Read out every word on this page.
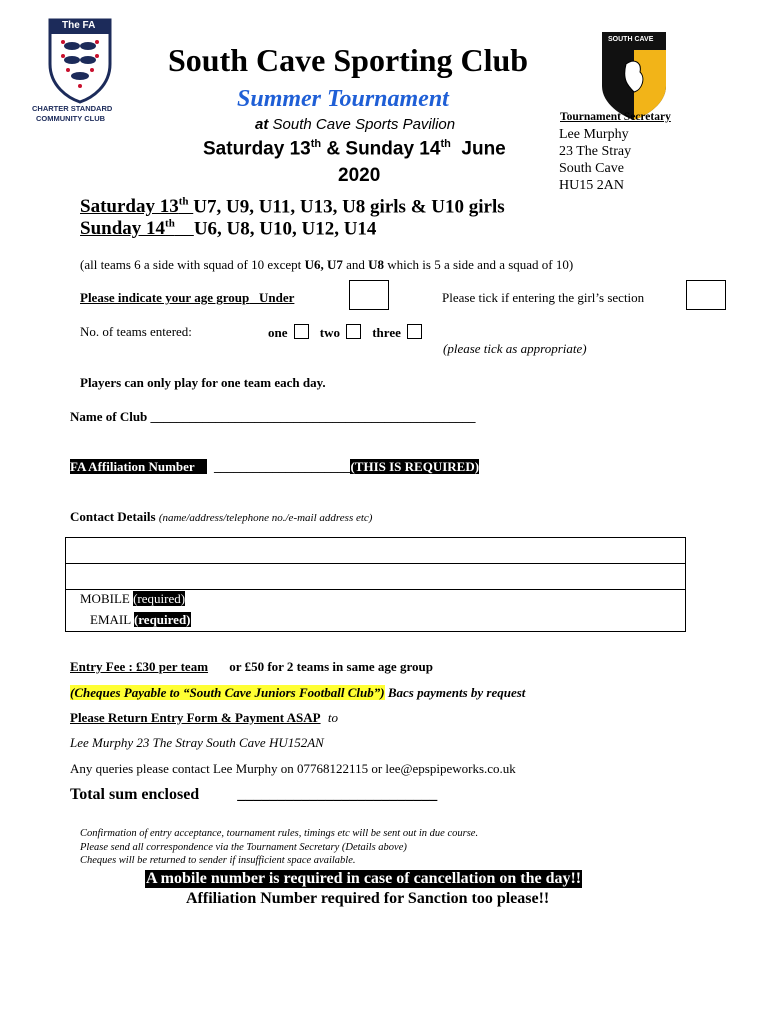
The FA
CHARTER STANDARD
COMMUNITY CLUB
SOUTH CAVE
South Cave Sporting Club
Summer Tournament
at South Cave Sports Pavilion
Saturday 13th & Sunday 14th  June
2020
Tournament Secretary
Lee Murphy
23 The Stray
South Cave
HU15 2AN
Saturday 13th U7, U9, U11, U13, U8 girls & U10 girls
Sunday 14th U6, U8, U10, U12, U14
(all teams 6 a side with squad of 10 except U6, U7 and U8 which is 5 a side and a squad of 10)
Please indicate your age group Under	Please tick if entering the girl’s section
No. of teams entered:	one two three
(please tick as appropriate)
Players can only play for one team each day.
Name of Club __________________________________________________
FA Affiliation Number _____________________(THIS IS REQUIRED)
Contact Details (name/address/telephone no./e-mail address etc)
MOBILE (required)
EMAIL (required)
Entry Fee : £30 per team or £50 for 2 teams in same age group
(Cheques Payable to “South Cave Juniors Football Club”) Bacs payments by request
Please Return Entry Form & Payment ASAP to
Lee Murphy 23 The Stray South Cave HU152AN
Any queries please contact Lee Murphy on 07768122115 or lee@epspipeworks.co.uk
Total sum enclosed _________________________
Confirmation of entry acceptance, tournament rules, timings etc will be sent out in due course.
Please send all correspondence via the Tournament Secretary (Details above)
Cheques will be returned to sender if insufficient space available.
A mobile number is required in case of cancellation on the day!!
Affiliation Number required for Sanction too please!!
